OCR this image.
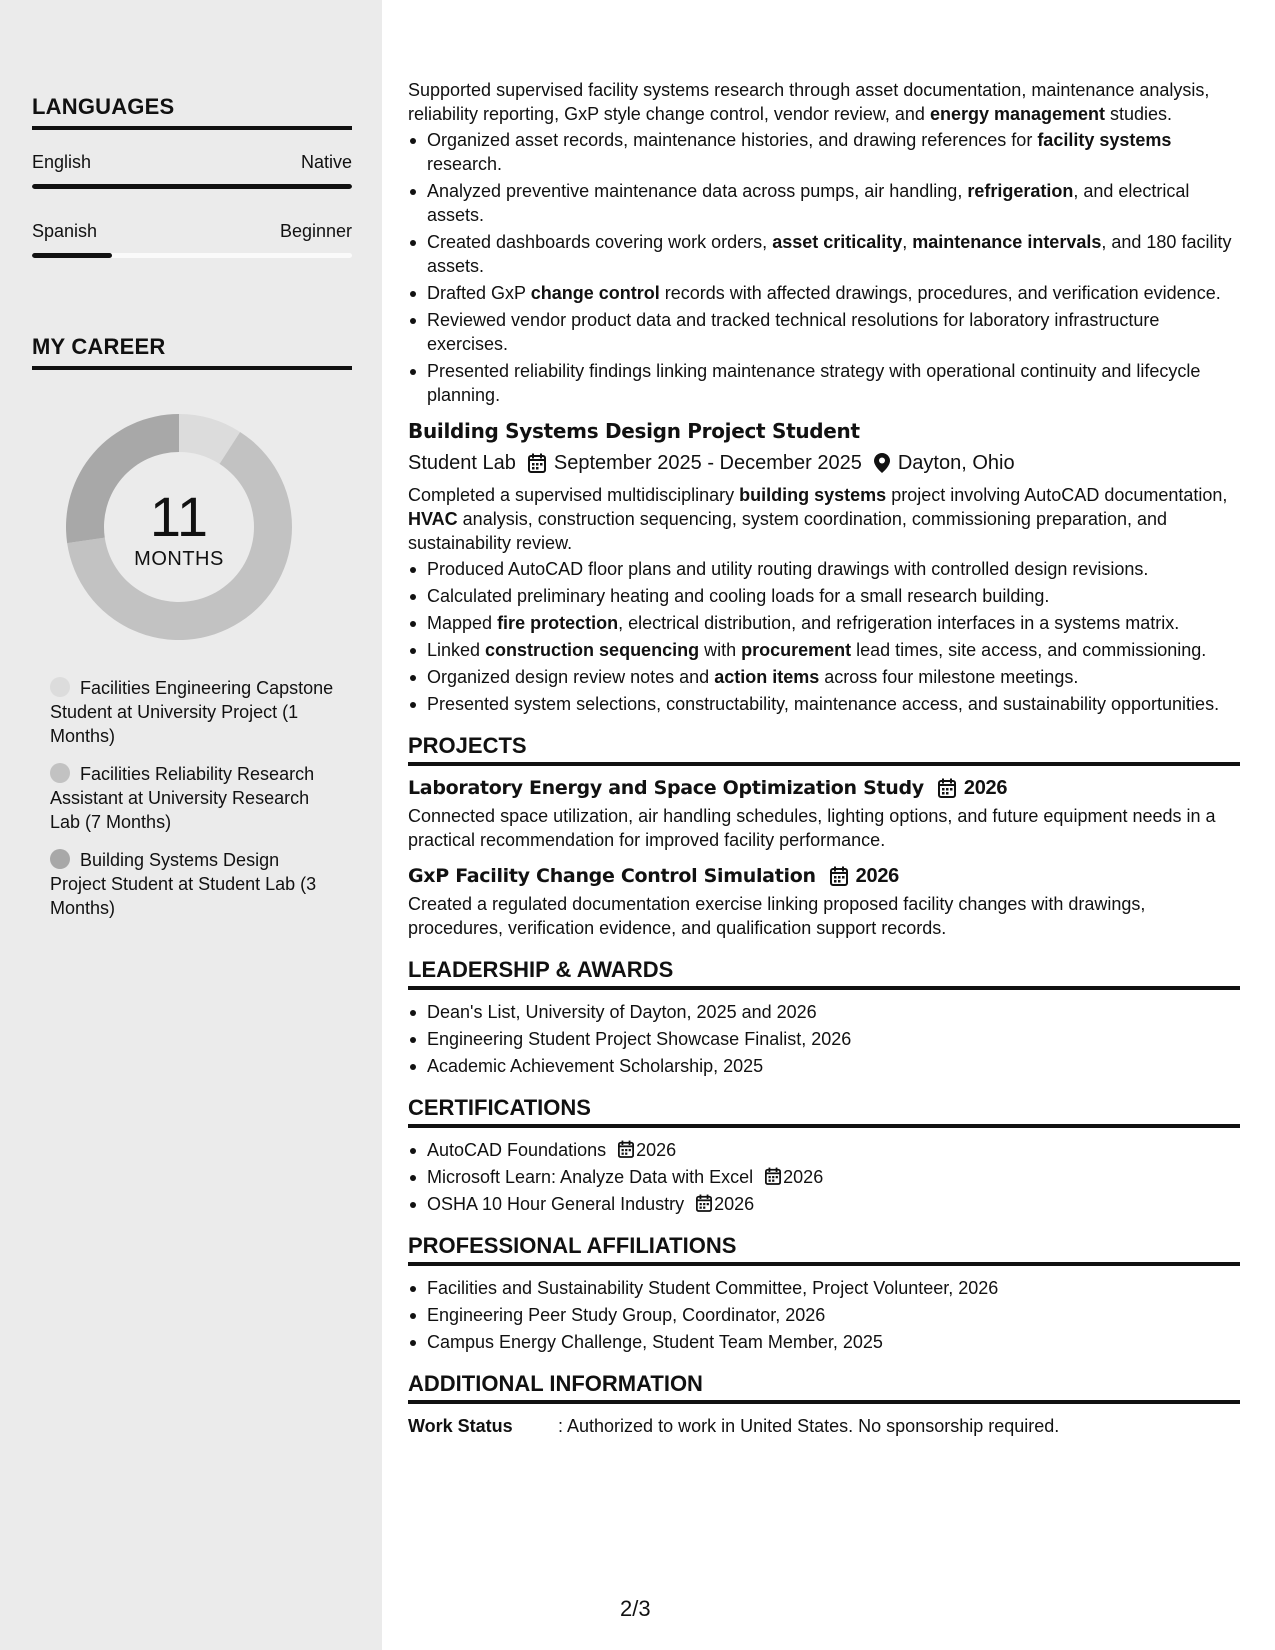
LANGUAGES
English	Native
Spanish	Beginner
MY CAREER
11
MONTHS
Facilities Engineering Capstone Student at University Project (1 Months)
Facilities Reliability Research Assistant at University Research Lab (7 Months)
Building Systems Design Project Student at Student Lab (3 Months)
Supported supervised facility systems research through asset documentation, maintenance analysis, reliability reporting, GxP style change control, vendor review, and energy management studies.
Organized asset records, maintenance histories, and drawing references for facility systems research.
Analyzed preventive maintenance data across pumps, air handling, refrigeration, and electrical assets.
Created dashboards covering work orders, asset criticality, maintenance intervals, and 180 facility assets.
Drafted GxP change control records with affected drawings, procedures, and verification evidence.
Reviewed vendor product data and tracked technical resolutions for laboratory infrastructure exercises.
Presented reliability findings linking maintenance strategy with operational continuity and lifecycle planning.
Building Systems Design Project Student
Student Lab September 2025 - December 2025 Dayton, Ohio
Completed a supervised multidisciplinary building systems project involving AutoCAD documentation, HVAC analysis, construction sequencing, system coordination, commissioning preparation, and sustainability review.
Produced AutoCAD floor plans and utility routing drawings with controlled design revisions.
Calculated preliminary heating and cooling loads for a small research building.
Mapped fire protection, electrical distribution, and refrigeration interfaces in a systems matrix.
Linked construction sequencing with procurement lead times, site access, and commissioning.
Organized design review notes and action items across four milestone meetings.
Presented system selections, constructability, maintenance access, and sustainability opportunities.
PROJECTS
Laboratory Energy and Space Optimization Study 2026
Connected space utilization, air handling schedules, lighting options, and future equipment needs in a practical recommendation for improved facility performance.
GxP Facility Change Control Simulation 2026
Created a regulated documentation exercise linking proposed facility changes with drawings, procedures, verification evidence, and qualification support records.
LEADERSHIP & AWARDS
Dean's List, University of Dayton, 2025 and 2026
Engineering Student Project Showcase Finalist, 2026
Academic Achievement Scholarship, 2025
CERTIFICATIONS
AutoCAD Foundations 2026
Microsoft Learn: Analyze Data with Excel 2026
OSHA 10 Hour General Industry 2026
PROFESSIONAL AFFILIATIONS
Facilities and Sustainability Student Committee, Project Volunteer, 2026
Engineering Peer Study Group, Coordinator, 2026
Campus Energy Challenge, Student Team Member, 2025
ADDITIONAL INFORMATION
Work Status	: Authorized to work in United States. No sponsorship required.
2/3
